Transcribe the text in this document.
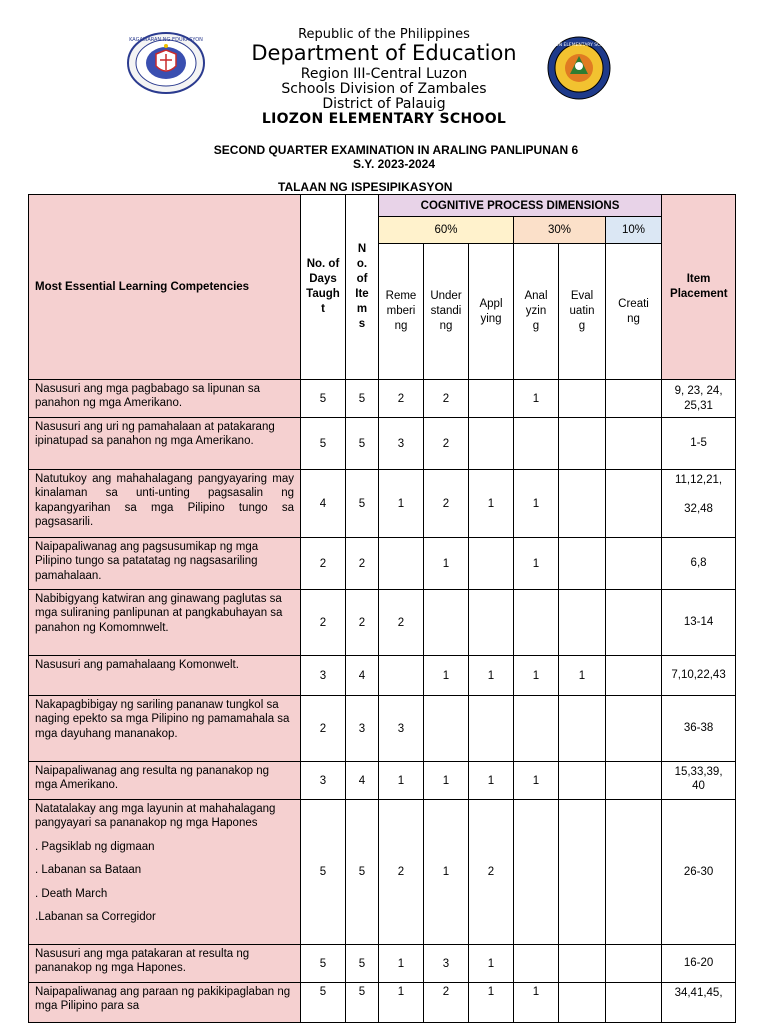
KAGAWARAN NG EDUKASYON
LIOZON ELEMENTARY SCHOOL
Republic of the Philippines
Department of Education
Region III-Central Luzon
Schools Division of Zambales
District of Palauig
LIOZON ELEMENTARY SCHOOL
SECOND QUARTER EXAMINATION IN ARALING PANLIPUNAN 6
S.Y. 2023-2024
TALAAN NG ISPESIPIKASYON
Most Essential Learning Competencies	No. of Days Taught	No. of Items	COGNITIVE PROCESS DIMENSIONS						Item Placement
			60%			30%		10%	
			Remembering	Understanding	Applying	Analyzing	Evaluating	Creating	
Nasusuri ang mga pagbabago sa lipunan sa panahon ng mga Amerikano.	5	5	2	2		1			9, 23, 24, 25,31
Nasusuri ang uri ng pamahalaan at patakarang ipinatupad sa panahon ng mga Amerikano.	5	5	3	2					1-5
Natutukoy ang mahahalagang pangyayaring may kinalaman sa unti-unting pagsasalin ng kapangyarihan sa mga Pilipino tungo sa pagsasarili.	4	5	1	2	1	1			11,12,21,

32,48
Naipapaliwanag ang pagsusumikap ng mga Pilipino tungo sa patatatag ng nagsasariling pamahalaan.	2	2		1		1			6,8
Nabibigyang katwiran ang ginawang paglutas sa mga suliraning panlipunan at pangkabuhayan sa panahon ng Komomnwelt.	2	2	2						13-14
Nasusuri ang pamahalaang Komonwelt.	3	4		1	1	1	1		7,10,22,43
Nakapagbibigay ng sariling pananaw tungkol sa naging epekto sa mga Pilipino ng pamamahala sa mga dayuhang mananakop.	2	3	3						36-38
Naipapaliwanag ang resulta ng pananakop ng mga Amerikano.	3	4	1	1	1	1			15,33,39, 40
Natatalakay ang mga layunin at mahahalagang pangyayari sa pananakop ng mga Hapones
. Pagsiklab ng digmaan
. Labanan sa Bataan
. Death March
.Labanan sa Corregidor	5	5	2	1	2				26-30
Nasusuri ang mga patakaran at resulta ng pananakop ng mga Hapones.	5	5	1	3	1				16-20
Naipapaliwanag ang paraan ng pakikipaglaban ng mga Pilipino para sa	5	5	1	2	1	1			34,41,45,
